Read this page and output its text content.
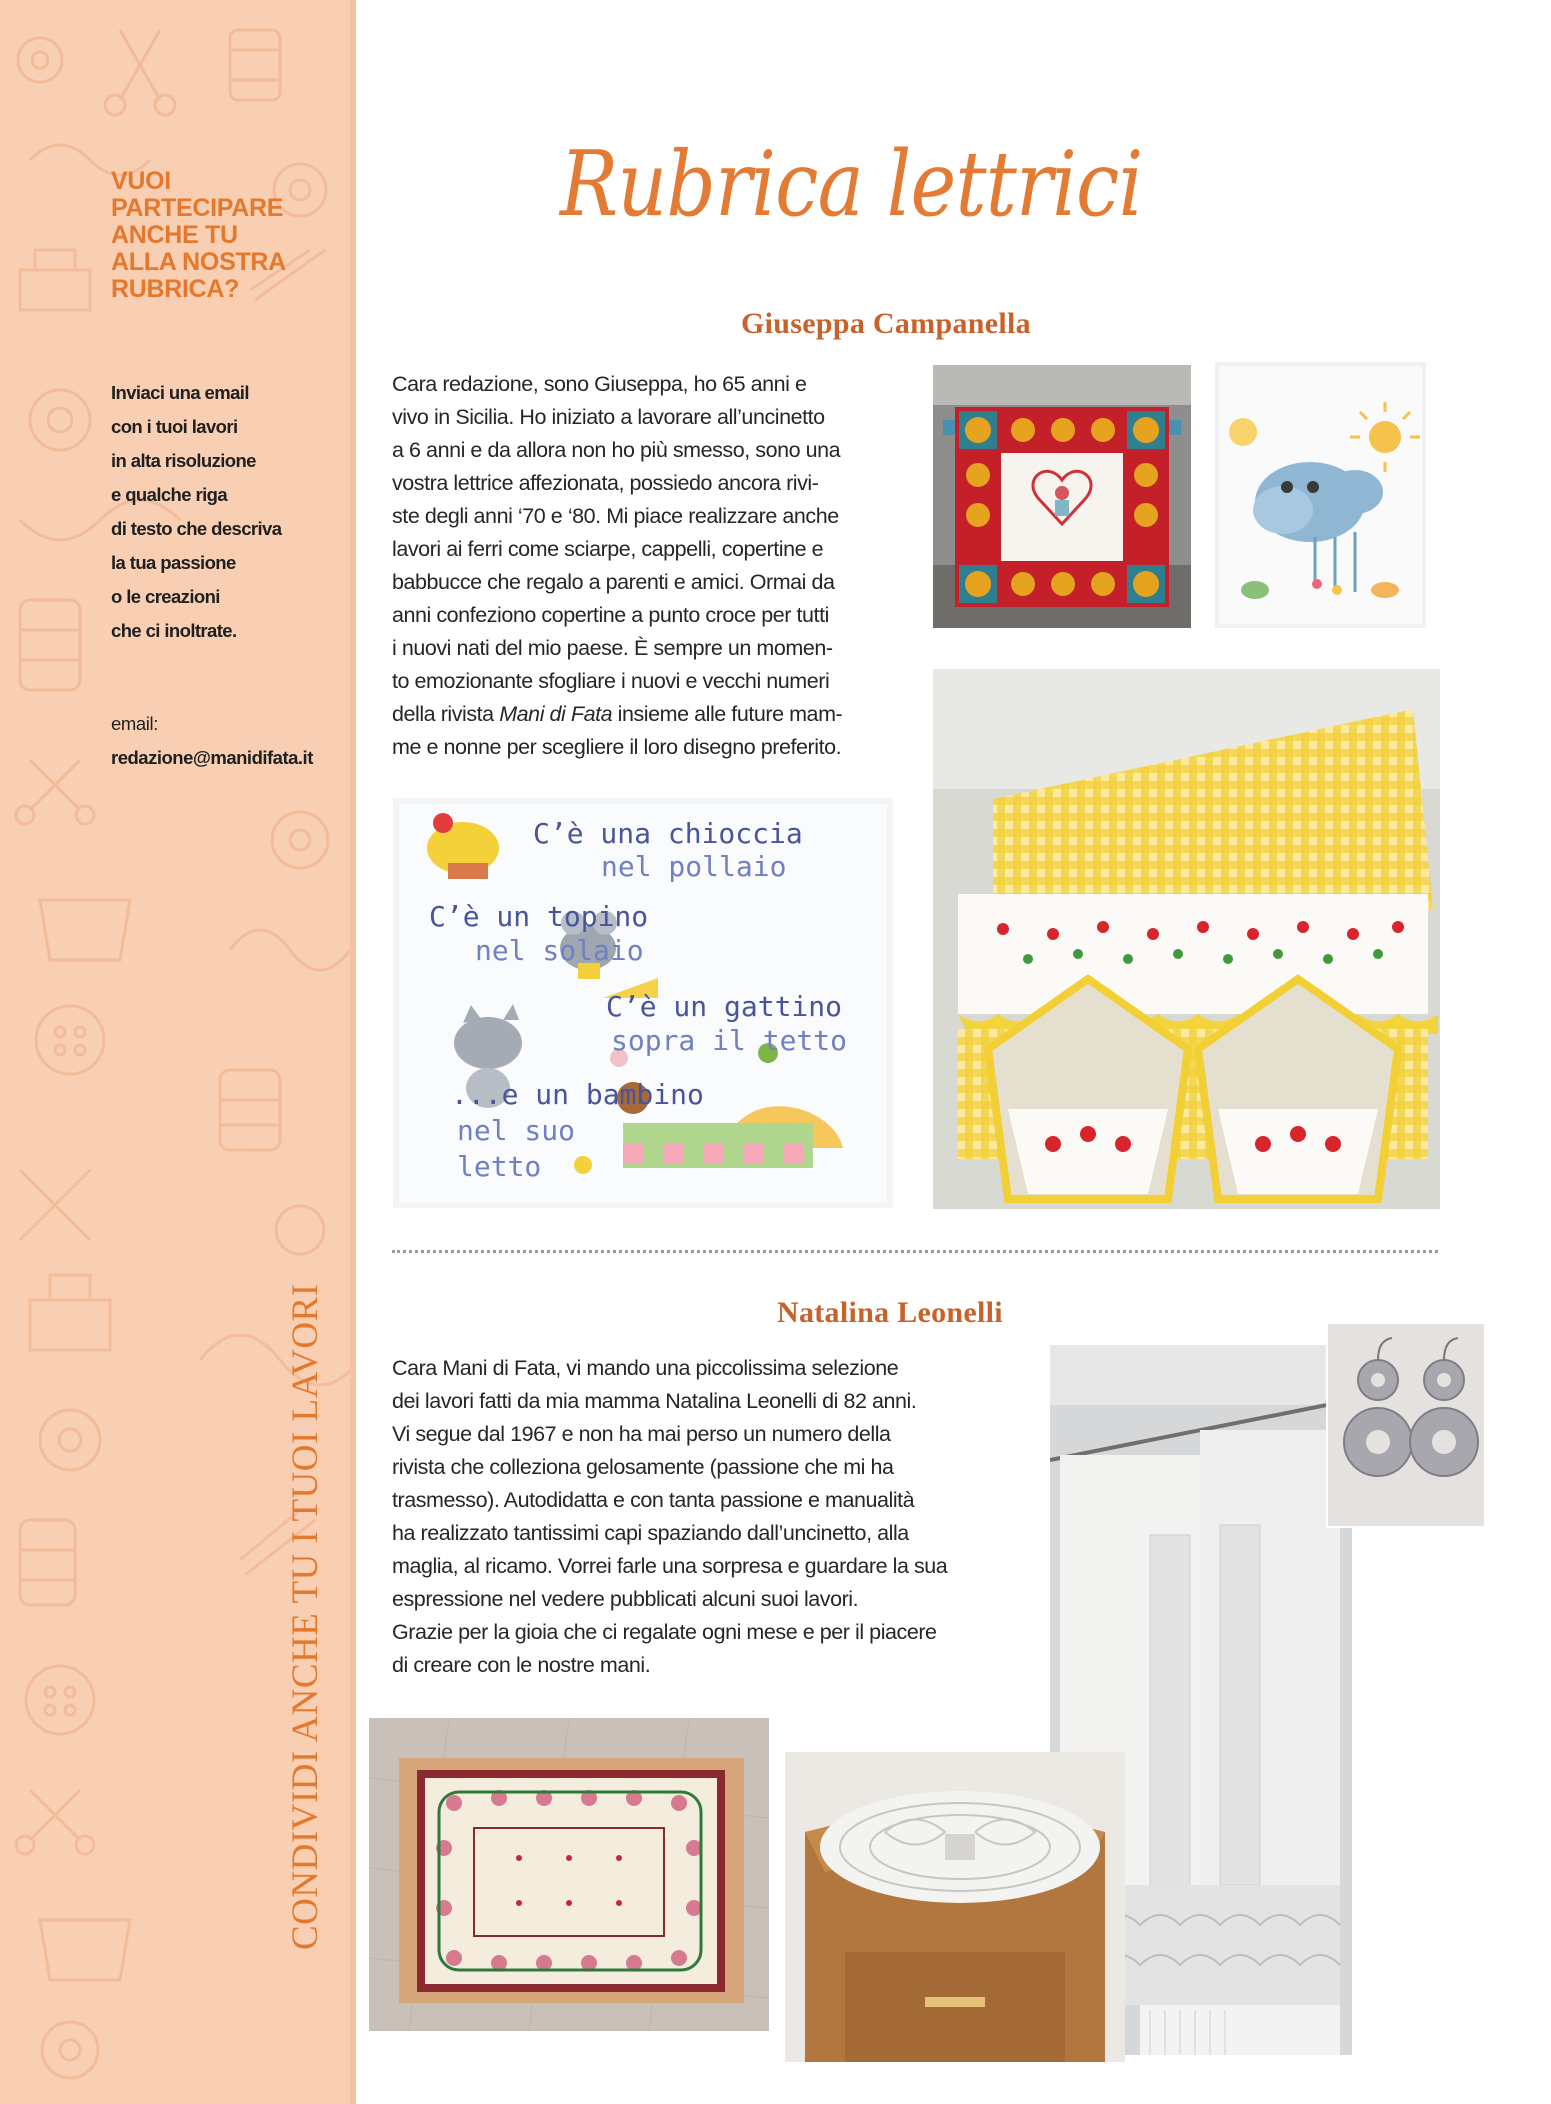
VUOI
PARTECIPARE
ANCHE TU
ALLA NOSTRA
RUBRICA?
Inviaci una email
con i tuoi lavori
in alta risoluzione
e qualche riga
di testo che descriva
la tua passione
o le creazioni
che ci inoltrate.
email:
redazione@manidifata.it
CONDIVIDI ANCHE TU I TUOI LAVORI
Rubrica lettrici
Giuseppa Campanella
Cara redazione, sono Giuseppa, ho 65 anni e
vivo in Sicilia. Ho iniziato a lavorare all’uncinetto
a 6 anni e da allora non ho più smesso, sono una
vostra lettrice affezionata, possiedo ancora rivi-
ste degli anni ‘70 e ‘80. Mi piace realizzare anche
lavori ai ferri come sciarpe, cappelli, copertine e
babbucce che regalo a parenti e amici. Ormai da
anni confeziono copertine a punto croce per tutti
i nuovi nati del mio paese. È sempre un momen-
to emozionante sfogliare i nuovi e vecchi numeri
della rivista Mani di Fata insieme alle future mam-
me e nonne per scegliere il loro disegno preferito.
C’è una chioccia
nel pollaio
C’è un topino
nel solaio
C’è un gattino
sopra il tetto
...e un bambino
nel suo
letto
Natalina Leonelli
Cara Mani di Fata, vi mando una piccolissima selezione
dei lavori fatti da mia mamma Natalina Leonelli di 82 anni.
Vi segue dal 1967 e non ha mai perso un numero della
rivista che colleziona gelosamente (passione che mi ha
trasmesso). Autodidatta e con tanta passione e manualità
ha realizzato tantissimi capi spaziando dall’uncinetto, alla
maglia, al ricamo. Vorrei farle una sorpresa e guardare la sua
espressione nel vedere pubblicati alcuni suoi lavori.
Grazie per la gioia che ci regalate ogni mese e per il piacere
di creare con le nostre mani.
